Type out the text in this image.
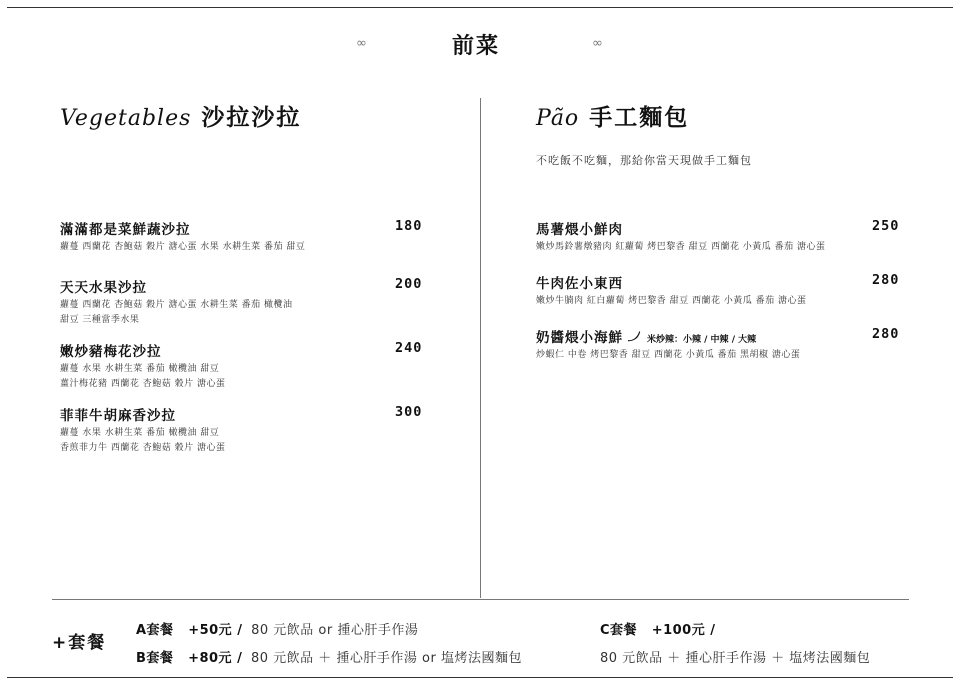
∞	前菜	∞
Vegetables 沙拉沙拉
滿滿都是菜鮮蔬沙拉	180
蘿蔓 西蘭花 杏鮑菇 穀片 溏心蛋 水果 水耕生菜 番茄 甜豆
天天水果沙拉	200
蘿蔓 西蘭花 杏鮑菇 穀片 溏心蛋 水耕生菜 番茄 橄欖油
甜豆 三種當季水果
嫩炒豬梅花沙拉	240
蘿蔓 水果 水耕生菜 番茄 橄欖油 甜豆
薑汁梅花豬 西蘭花 杏鮑菇 穀片 溏心蛋
菲菲牛胡麻香沙拉	300
蘿蔓 水果 水耕生菜 番茄 橄欖油 甜豆
香煎菲力牛 西蘭花 杏鮑菇 穀片 溏心蛋
Pão 手工麵包
不吃飯不吃麵，那給你當天現做手工麵包
馬薯煨小鮮肉	250
嫩炒馬鈴薯燉豬肉 紅蘿蔔 烤巴黎香 甜豆 西蘭花 小黃瓜 番茄 溏心蛋
牛肉佐小東西	280
嫩炒牛腩肉 紅白蘿蔔 烤巴黎香 甜豆 西蘭花 小黃瓜 番茄 溏心蛋
奶醬煨小海鮮	米炒辣：小辣 / 中辣 / 大辣	280
炒蝦仁 中卷 烤巴黎香 甜豆 西蘭花 小黃瓜 番茄 黑胡椒 溏心蛋
+套餐
A套餐 +50元 / 80 元飲品 or 揰心肝手作湯
B套餐 +80元 / 80 元飲品 ＋ 揰心肝手作湯 or 塩烤法國麵包
C套餐 +100元 /
80 元飲品 ＋ 揰心肝手作湯 ＋ 塩烤法國麵包
